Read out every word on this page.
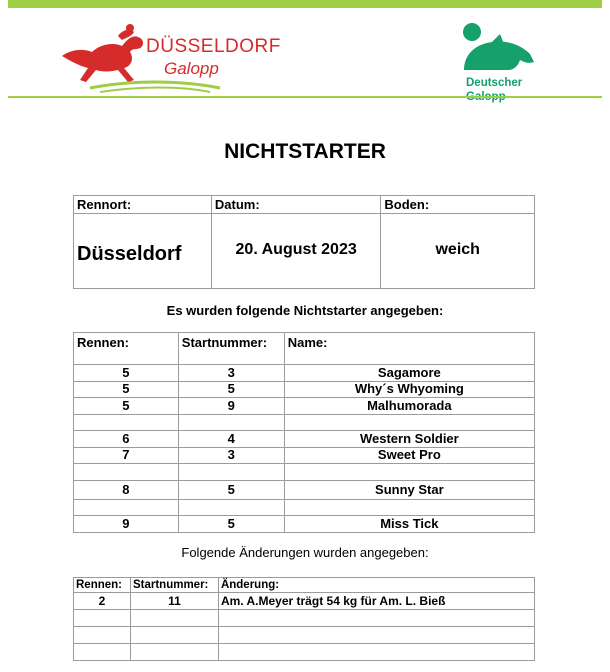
DÜSSELDORF
Galopp
Deutscher
NICHTSTARTER
Rennort:	Datum:	Boden:

Düsseldorf	20. August 2023	weich
Es wurden folgende Nichtstarter angegeben:
Rennen:	Startnummer:	Name:
5	3	Sagamore
5	5	Why´s Whyoming
5	9	Malhumorada

6	4	Western Soldier
7	3	Sweet Pro

8	5	Sunny Star

9	5	Miss Tick
Folgende Änderungen wurden angegeben:
Rennen:	Startnummer:	Änderung:
2	11	Am. A.Meyer trägt 54 kg für Am. L. Bieß
